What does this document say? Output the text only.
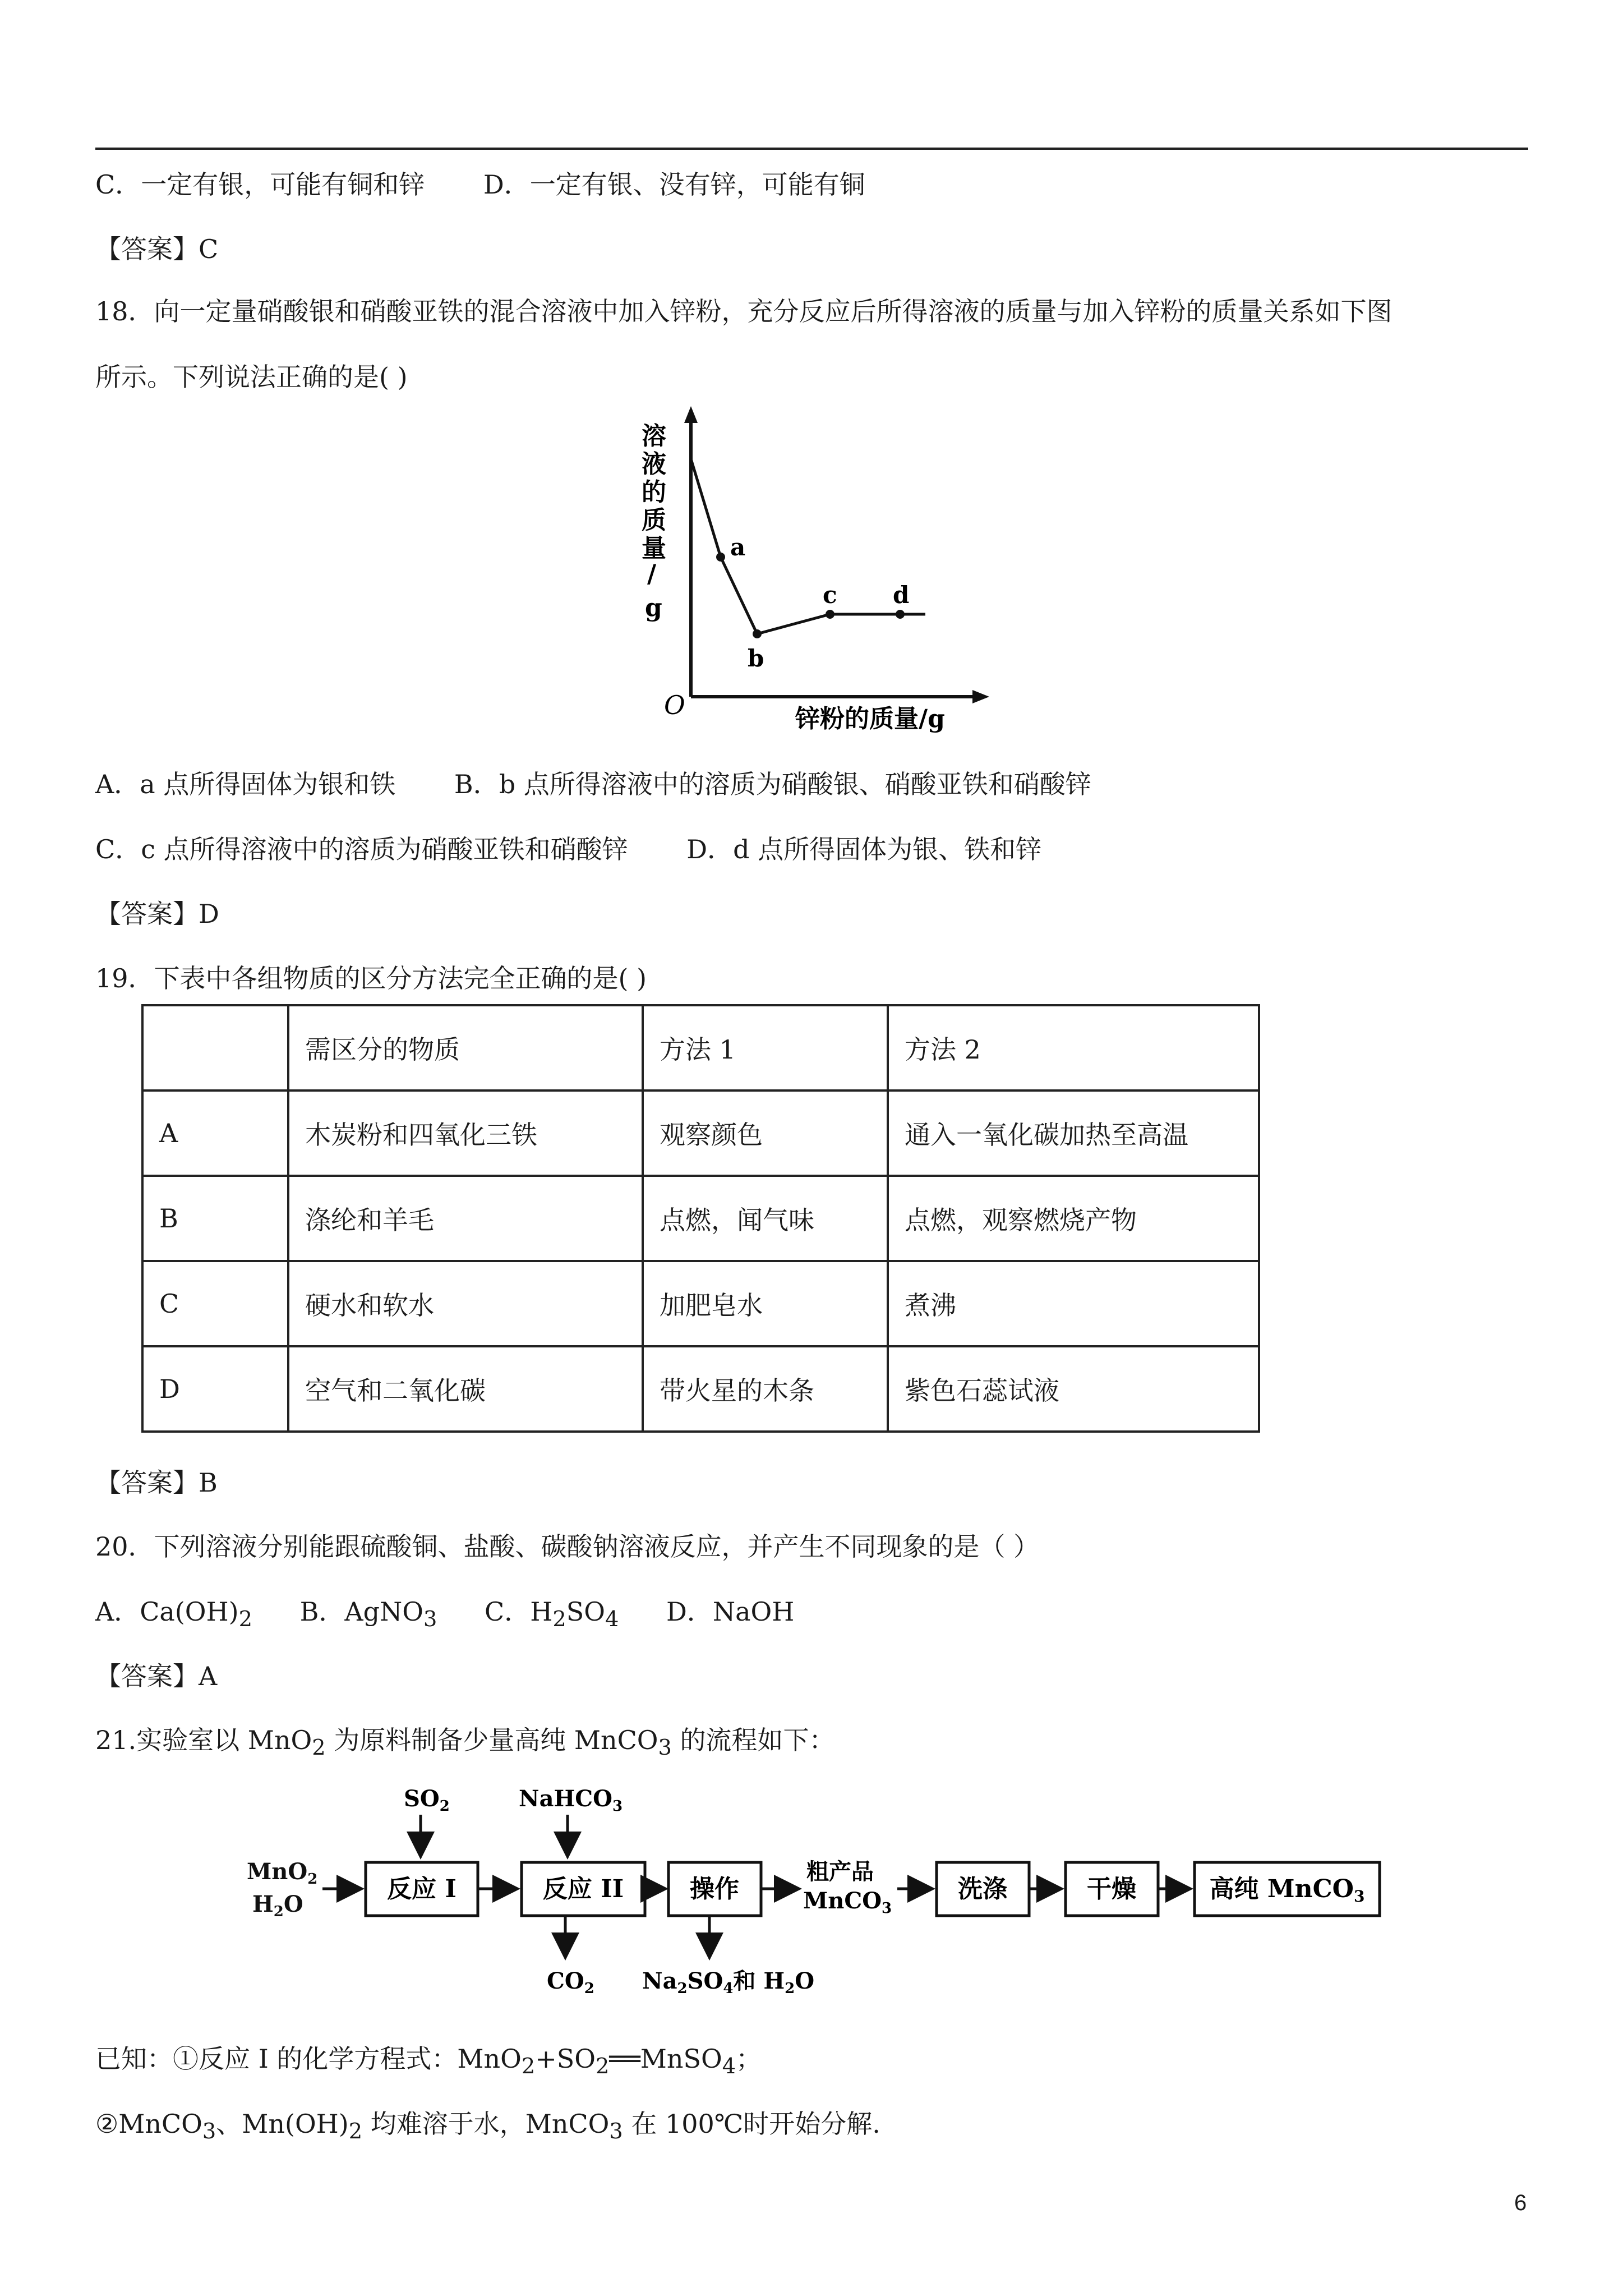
C．一定有银，可能有铜和锌 D．一定有银、没有锌，可能有铜
【答案】C
18．向一定量硝酸银和硝酸亚铁的混合溶液中加入锌粉，充分反应后所得溶液的质量与加入锌粉的质量关系如下图
所示。下列说法正确的是( )
a
b
c d
溶
液
的
质
量
/
g
O	锌粉的质量/g
A．a 点所得固体为银和铁 B．b 点所得溶液中的溶质为硝酸银、硝酸亚铁和硝酸锌
C．c 点所得溶液中的溶质为硝酸亚铁和硝酸锌 D．d 点所得固体为银、铁和锌
【答案】D
19．下表中各组物质的区分方法完全正确的是( )
	需区分的物质	方法 1	方法 2
A	木炭粉和四氧化三铁	观察颜色	通入一氧化碳加热至高温
B	涤纶和羊毛	点燃，闻气味	点燃，观察燃烧产物
C	硬水和软水	加肥皂水	煮沸
D	空气和二氧化碳	带火星的木条	紫色石蕊试液
【答案】B
20．下列溶液分别能跟硫酸铜、盐酸、碳酸钠溶液反应，并产生不同现象的是（ ）
A．$Ca(OH)_2$ B．AgNO$_3$ C．$H_2SO_4$ D．NaOH
【答案】A
21.实验室以 MnO$_2$ 为原料制备少量高纯 MnCO$_3$ 的流程如下：
MnO$_2$
$H_2O$
反应 I
$SO_2$
反应 II
NaHCO$_3$
$CO_2$
操作
$Na_2SO_4$和 $H_2O$
粗产品
MnCO$_3$
洗涤	干燥	高纯 MnCO3
已知：①反应 I 的化学方程式：$MnO_2+SO_2══MnSO_4$；
②MnCO$_3$、$Mn(OH)_2$ 均难溶于水，MnCO$_3$ 在 100℃时开始分解.
6
